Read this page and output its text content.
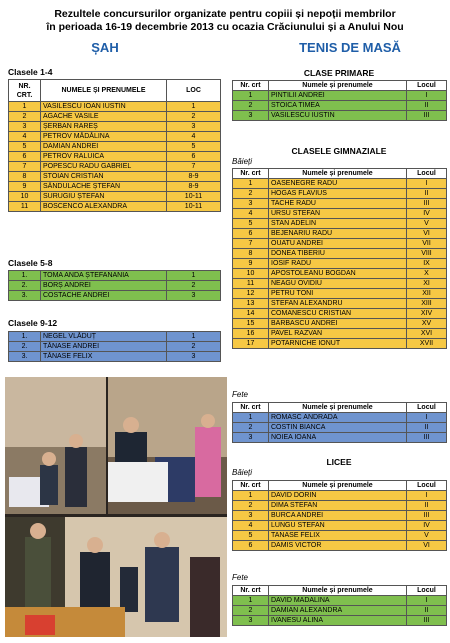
Rezultele concursurilor organizate pentru copiii și nepoții membrilor
în perioada 16-19 decembrie 2013 cu ocazia Crăciunului și a Anului Nou
ȘAH	TENIS DE MASĂ
Clasele 1-4
NR. CRT.	NUMELE ȘI PRENUMELE	LOC
1	VASILESCU IOAN IUSTIN	1
2	AGACHE VASILE	2
3	ȘERBAN RAREȘ	3
4	PETROV MĂDĂLINA	4
5	DAMIAN ANDREI	5
6	PETROV RALUICA	6
7	POPESCU RADU GABRIEL	7
8	STOIAN CRISTIAN	8-9
9	SÂNDULACHE ȘTEFAN	8-9
10	SURUGIU ȘTEFAN	10-11
11	BOSCENCO ALEXANDRA	10-11
Clasele 5-8
1.	TOMA ANDA ȘTEFANANIA	1
2.	BORȘ ANDREI	2
3.	COSTACHE ANDREI	3
Clasele 9-12
1.	NEGEL VLĂDUȚ	1
2.	TĂNASE ANDREI	2
3.	TĂNASE FELIX	3
CLASE PRIMARE
Nr. crt	Numele și prenumele	Locul
1	PINTILII ANDREI	I
2	STOICA TIMEA	II
3	VASILESCU IUSTIN	III
CLASELE GIMNAZIALE
Băieți
Nr. crt	Numele și prenumele	Locul
1	OASENEGRE RADU	I
2	HOGAS FLAVIUS	II
3	TACHE RADU	III
4	URSU STEFAN	IV
5	STAN ADELIN	V
6	BEJENARIU RADU	VI
7	OUATU ANDREI	VII
8	DONEA TIBERIU	VIII
9	IOSIF RADU	IX
10	APOSTOLEANU BOGDAN	X
11	NEAGU OVIDIU	XI
12	PETRU TONI	XII
13	STEFAN ALEXANDRU	XIII
14	COMANESCU CRISTIAN	XIV
15	BARBASCU ANDREI	XV
16	PAVEL RAZVAN	XVI
17	POTARNICHE IONUT	XVII
Fete
Nr. crt	Numele și prenumele	Locul
1	ROMASC ANDRADA	I
2	COSTIN BIANCA	II
3	NOIEA IOANA	III
LICEE
Băieți
Nr. crt	Numele și prenumele	Locul
1	DAVID DORIN	I
2	DIMA STEFAN	II
3	BURCA ANDREI	III
4	LUNGU STEFAN	IV
5	TANASE FELIX	V
6	DAMIS VICTOR	VI
Fete
Nr. crt	Numele și prenumele	Locul
1	DAVID MADALINA	I
2	DAMIAN ALEXANDRA	II
3	IVANESU ALINA	III
